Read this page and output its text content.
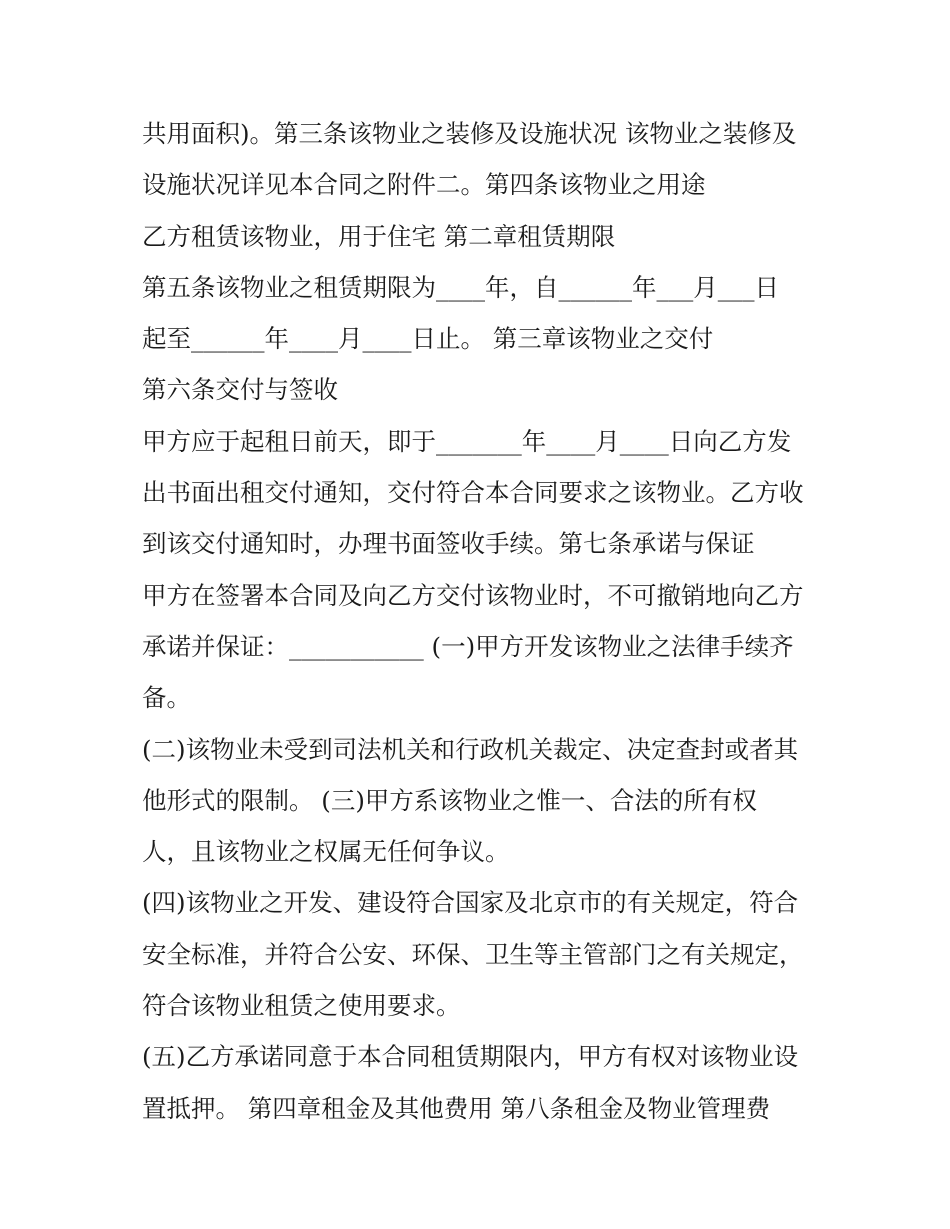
共用面积)。第三条该物业之装修及设施状况 该物业之装修及
设施状况详见本合同之附件二。第四条该物业之用途
乙方租赁该物业，用于住宅 第二章租赁期限
第五条该物业之租赁期限为____年，自______年___月___日
起至______年____月____日止。 第三章该物业之交付
第六条交付与签收
甲方应于起租日前天，即于_______年____月____日向乙方发
出书面出租交付通知，交付符合本合同要求之该物业。乙方收
到该交付通知时，办理书面签收手续。第七条承诺与保证
甲方在签署本合同及向乙方交付该物业时，不可撤销地向乙方
承诺并保证：___________ (一)甲方开发该物业之法律手续齐
备。
(二)该物业未受到司法机关和行政机关裁定、决定查封或者其
他形式的限制。 (三)甲方系该物业之惟一、合法的所有权
人，且该物业之权属无任何争议。
(四)该物业之开发、建设符合国家及北京市的有关规定，符合
安全标准，并符合公安、环保、卫生等主管部门之有关规定，
符合该物业租赁之使用要求。
(五)乙方承诺同意于本合同租赁期限内，甲方有权对该物业设
置抵押。 第四章租金及其他费用 第八条租金及物业管理费
